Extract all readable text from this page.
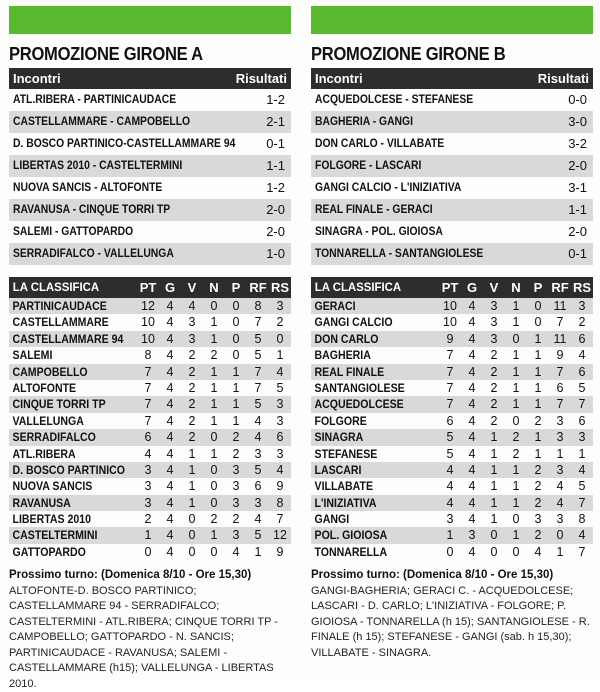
PROMOZIONE GIRONE A
Incontri	Risultati
ATL.RIBERA - PARTINICAUDACE	1-2
CASTELLAMMARE - CAMPOBELLO	2-1
D. BOSCO PARTINICO-CASTELLAMMARE 94 0-1
LIBERTAS 2010 - CASTELTERMINI	1-1
NUOVA SANCIS - ALTOFONTE	1-2
RAVANUSA - CINQUE TORRI TP	2-0
SALEMI - GATTOPARDO	2-0
SERRADIFALCO - VALLELUNGA	1-0
LA CLASSIFICA	PT G V N P RF RS
PARTINICAUDACE	12 4	4	0	0	8	3
CASTELLAMMARE	10 4	3	1	0	7	2
CASTELLAMMARE 94	10 4	3	1	0	5	0
SALEMI	8	4	2	2	0	5	1
CAMPOBELLO	7	4	2	1	1	7	4
ALTOFONTE	7	4	2	1	1	7	5
CINQUE TORRI TP	7	4	2	1	1	5	3
VALLELUNGA	7	4	2	1	1	4	3
SERRADIFALCO	6	4	2	0	2	4	6
ATL.RIBERA	4	4	1	1	2	3	3
D. BOSCO PARTINICO	3	4	1	0	3	5	4
NUOVA SANCIS	3	4	1	0	3	6	9
RAVANUSA	3	4	1	0	3	3	8
LIBERTAS 2010	2	4	0	2	2	4	7
CASTELTERMINI	1	4	0	1	3	5 12
GATTOPARDO	0	4	0	0	4	1	9
Prossimo turno: (Domenica 8/10 - Ore 15,30)
ALTOFONTE-D. BOSCO PARTINICO; CASTELLAMMARE 94 - SERRADIFALCO; CASTELTERMINI - ATL.RIBERA; CINQUE TORRI TP - CAMPOBELLO; GATTOPARDO - N. SANCIS; PARTINICAUDACE - RAVANUSA; SALEMI - CASTELLAMMARE (h15); VALLELUNGA - LIBERTAS 2010.
PROMOZIONE GIRONE B
Incontri	Risultati
ACQUEDOLCESE - STEFANESE	0-0
BAGHERIA - GANGI	3-0
DON CARLO - VILLABATE	3-2
FOLGORE - LASCARI	2-0
GANGI CALCIO - L'INIZIATIVA	3-1
REAL FINALE - GERACI	1-1
SINAGRA - POL. GIOIOSA	2-0
TONNARELLA - SANTANGIOLESE	0-1
LA CLASSIFICA	PT G V N P RF RS
GERACI	10 4	3	1	0 11 3
GANGI CALCIO	10 4	3	1	0	7	2
DON CARLO	9	4	3	0	1 11 6
BAGHERIA	7	4	2	1	1	9	4
REAL FINALE	7	4	2	1	1	7	6
SANTANGIOLESE	7	4	2	1	1	6	5
ACQUEDOLCESE	7	4	2	1	1	7	7
FOLGORE	6	4	2	0	2	3	6
SINAGRA	5	4	1	2	1	3	3
STEFANESE	5	4	1	2	1	1	1
LASCARI	4	4	1	1	2	3	4
VILLABATE	4	4	1	1	2	4	5
L'INIZIATIVA	4	4	1	1	2	4	7
GANGI	3	4	1	0	3	3	8
POL. GIOIOSA	1	3	0	1	2	0	4
TONNARELLA	0	4	0	0	4	1	7
Prossimo turno: (Domenica 8/10 - Ore 15,30)
GANGI-BAGHERIA; GERACI C. - ACQUEDOLCESE; LASCARI - D. CARLO; L'INIZIATIVA - FOLGORE; P. GIOIOSA - TONNARELLA (h 15); SANTANGIOLESE - R. FINALE (h 15); STEFANESE - GANGI (sab. h 15,30); VILLABATE - SINAGRA.
